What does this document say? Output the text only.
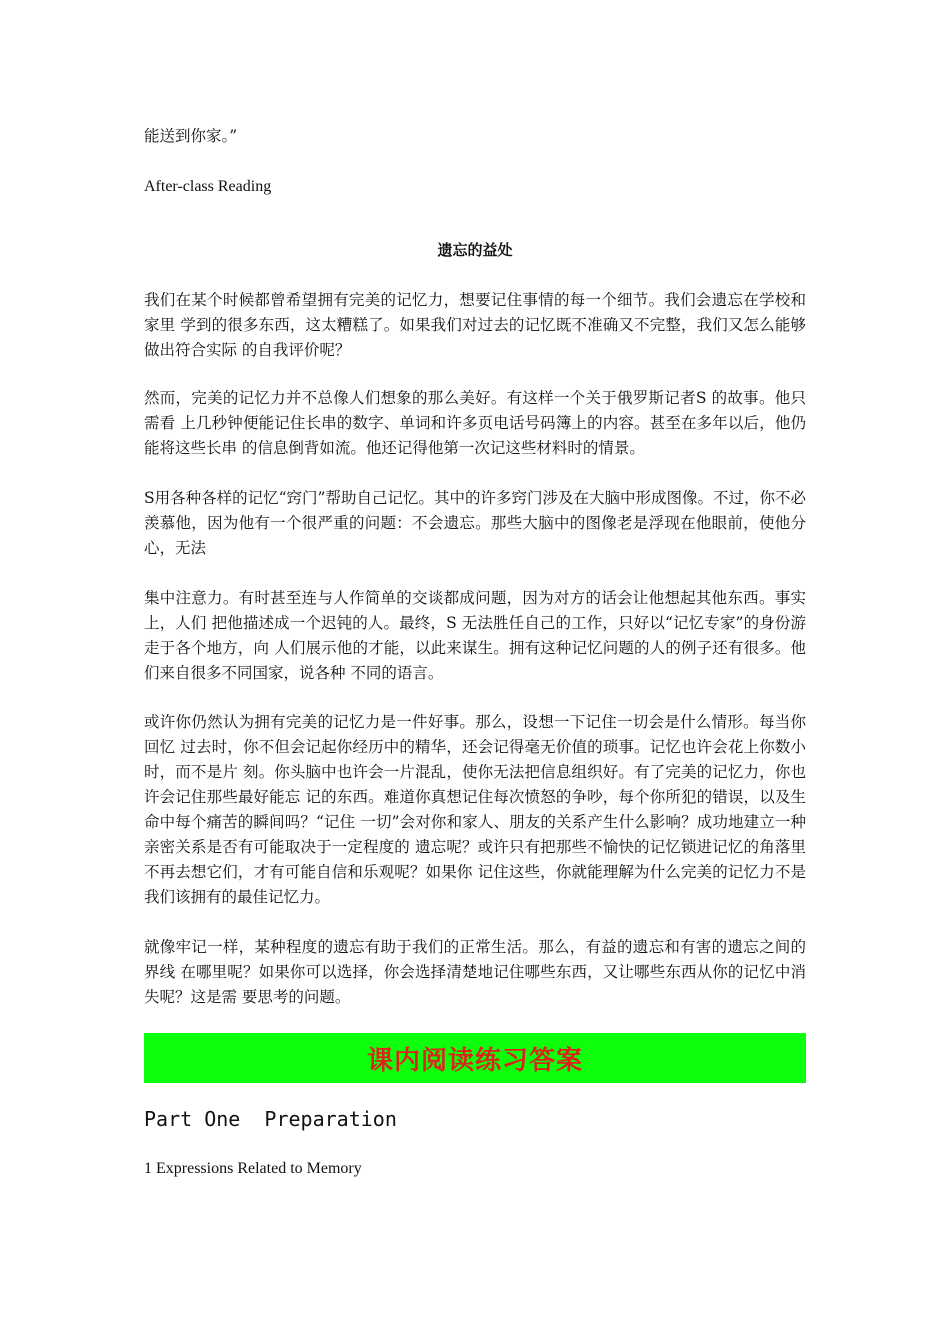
能送到你家。”
After-class Reading
遗忘的益处
我们在某个时候都曾希望拥有完美的记忆力，想要记住事情的每一个细节。我们会遗忘在学校和家里 学到的很多东西，这太糟糕了。如果我们对过去的记忆既不准确又不完整，我们又怎么能够做出符合实际 的自我评价呢？
然而，完美的记忆力并不总像人们想象的那么美好。有这样一个关于俄罗斯记者S 的故事。他只需看 上几秒钟便能记住长串的数字、单词和许多页电话号码簿上的内容。甚至在多年以后，他仍能将这些长串 的信息倒背如流。他还记得他第一次记这些材料时的情景。
S用各种各样的记忆“窍门”帮助自己记忆。其中的许多窍门涉及在大脑中形成图像。不过，你不必 羡慕他，因为他有一个很严重的问题：不会遗忘。那些大脑中的图像老是浮现在他眼前，使他分心，无法
集中注意力。有时甚至连与人作简单的交谈都成问题，因为对方的话会让他想起其他东西。事实上，人们 把他描述成一个迟钝的人。最终，S 无法胜任自己的工作，只好以“记忆专家”的身份游走于各个地方，向 人们展示他的才能，以此来谋生。拥有这种记忆问题的人的例子还有很多。他们来自很多不同国家，说各种 不同的语言。
或许你仍然认为拥有完美的记忆力是一件好事。那么，设想一下记住一切会是什么情形。每当你回忆 过去时，你不但会记起你经历中的精华，还会记得毫无价值的琐事。记忆也许会花上你数小时，而不是片 刻。你头脑中也许会一片混乱，使你无法把信息组织好。有了完美的记忆力，你也许会记住那些最好能忘 记的东西。难道你真想记住每次愤怒的争吵，每个你所犯的错误，以及生命中每个痛苦的瞬间吗？“记住 一切”会对你和家人、朋友的关系产生什么影响？成功地建立一种亲密关系是否有可能取决于一定程度的 遗忘呢？或许只有把那些不愉快的记忆锁进记忆的角落里不再去想它们，才有可能自信和乐观呢？如果你 记住这些，你就能理解为什么完美的记忆力不是我们该拥有的最佳记忆力。
就像牢记一样，某种程度的遗忘有助于我们的正常生活。那么，有益的遗忘和有害的遗忘之间的界线 在哪里呢？如果你可以选择，你会选择清楚地记住哪些东西，又让哪些东西从你的记忆中消失呢？这是需 要思考的问题。
课内阅读练习答案
Part One  Preparation
1 Expressions Related to Memory
